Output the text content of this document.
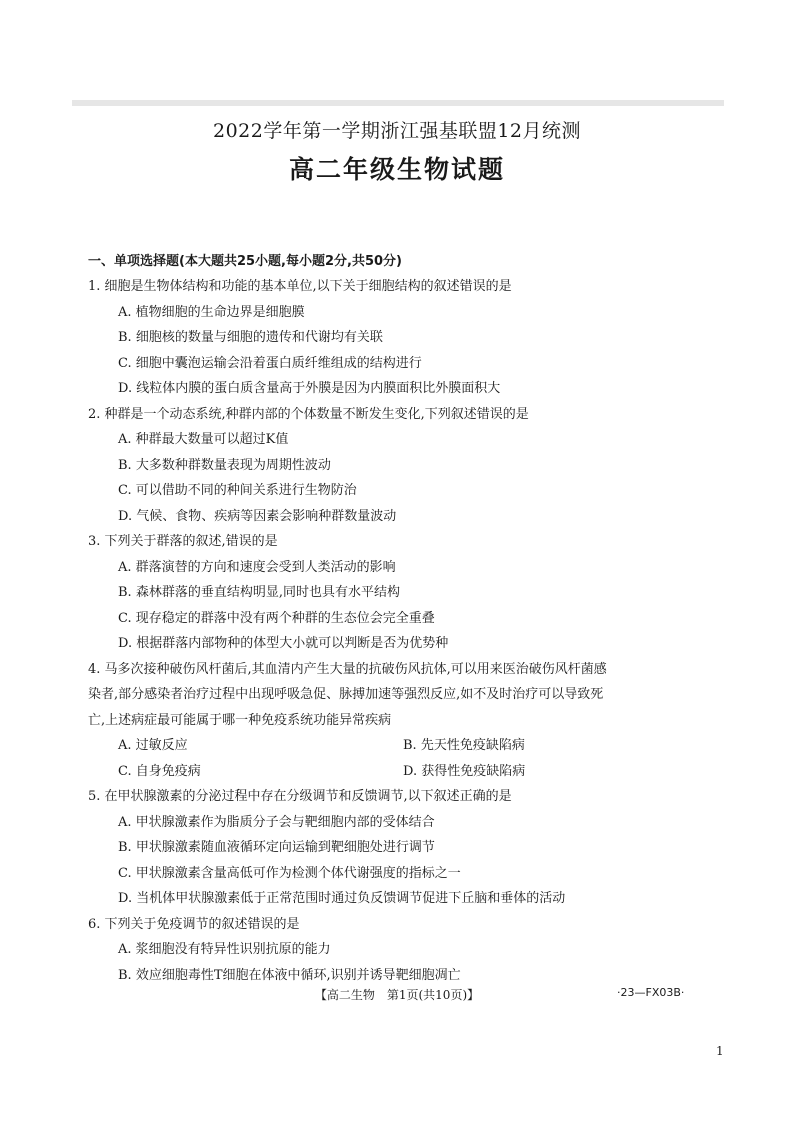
2022学年第一学期浙江强基联盟12月统测
高二年级生物试题
一、单项选择题(本大题共25小题,每小题2分,共50分)

1. 细胞是生物体结构和功能的基本单位,以下关于细胞结构的叙述错误的是

A. 植物细胞的生命边界是细胞膜

B. 细胞核的数量与细胞的遗传和代谢均有关联

C. 细胞中囊泡运输会沿着蛋白质纤维组成的结构进行

D. 线粒体内膜的蛋白质含量高于外膜是因为内膜面积比外膜面积大

2. 种群是一个动态系统,种群内部的个体数量不断发生变化,下列叙述错误的是

A. 种群最大数量可以超过K值

B. 大多数种群数量表现为周期性波动

C. 可以借助不同的种间关系进行生物防治

D. 气候、食物、疾病等因素会影响种群数量波动

3. 下列关于群落的叙述,错误的是

A. 群落演替的方向和速度会受到人类活动的影响

B. 森林群落的垂直结构明显,同时也具有水平结构

C. 现存稳定的群落中没有两个种群的生态位会完全重叠

D. 根据群落内部物种的体型大小就可以判断是否为优势种

4. 马多次接种破伤风杆菌后,其血清内产生大量的抗破伤风抗体,可以用来医治破伤风杆菌感

染者,部分感染者治疗过程中出现呼吸急促、脉搏加速等强烈反应,如不及时治疗可以导致死

亡,上述病症最可能属于哪一种免疫系统功能异常疾病

A. 过敏反应	B. 先天性免疫缺陷病

C. 自身免疫病	D. 获得性免疫缺陷病

5. 在甲状腺激素的分泌过程中存在分级调节和反馈调节,以下叙述正确的是

A. 甲状腺激素作为脂质分子会与靶细胞内部的受体结合

B. 甲状腺激素随血液循环定向运输到靶细胞处进行调节

C. 甲状腺激素含量高低可作为检测个体代谢强度的指标之一

D. 当机体甲状腺激素低于正常范围时通过负反馈调节促进下丘脑和垂体的活动

6. 下列关于免疫调节的叙述错误的是

A. 浆细胞没有特异性识别抗原的能力

B. 效应细胞毒性T细胞在体液中循环,识别并诱导靶细胞凋亡

【高二生物　第1页(共10页)】	·23—FX03B·
1
